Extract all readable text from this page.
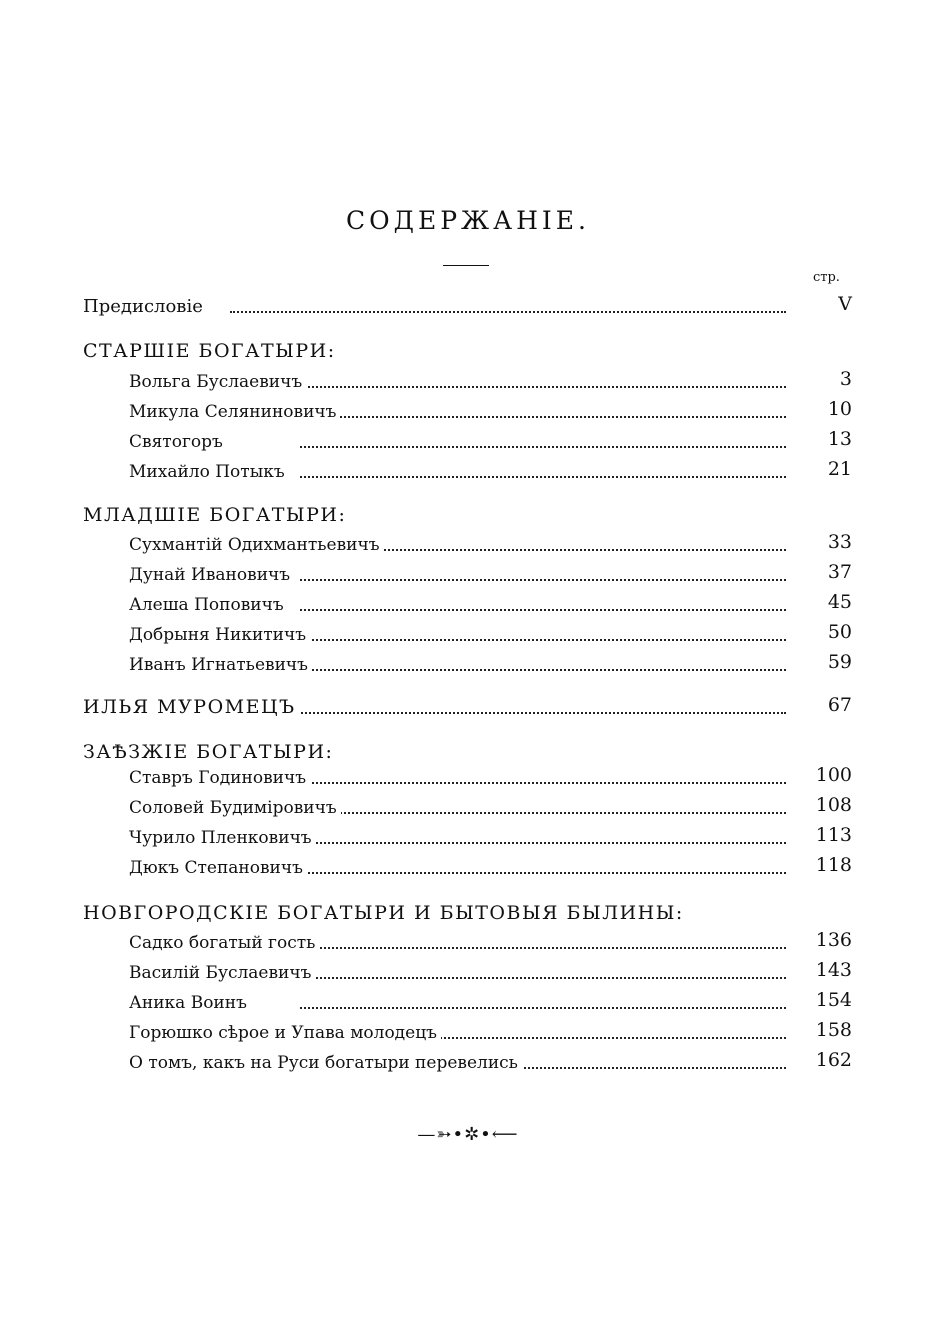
СОДЕРЖАНІЕ.
стр.
Предисловіе	V
СТАРШІЕ БОГАТЫРИ:
Вольга Буслаевичъ	3
Микула Селяниновичъ	10
Святогоръ	13
Михайло Потыкъ	21
МЛАДШІЕ БОГАТЫРИ:
Сухмантій Одихмантьевичъ	33
Дунай Ивановичъ	37
Алеша Поповичъ	45
Добрыня Никитичъ	50
Иванъ Игнатьевичъ	59
ИЛЬЯ МУРОМЕЦЪ	67
ЗАѢЗЖІЕ БОГАТЫРИ:
Ставръ Годиновичъ	100
Соловей Будиміровичъ	108
Чурило Пленковичъ	113
Дюкъ Степановичъ	118
НОВГОРОДСКІЕ БОГАТЫРИ И БЫТОВЫЯ БЫЛИНЫ:
Садко богатый гость	136
Василій Буслаевичъ	143
Аника Воинъ	154
Горюшко сѣрое и Упава молодецъ	158
О томъ, какъ на Руси богатыри перевелись	162
—➳•✲•⟵
